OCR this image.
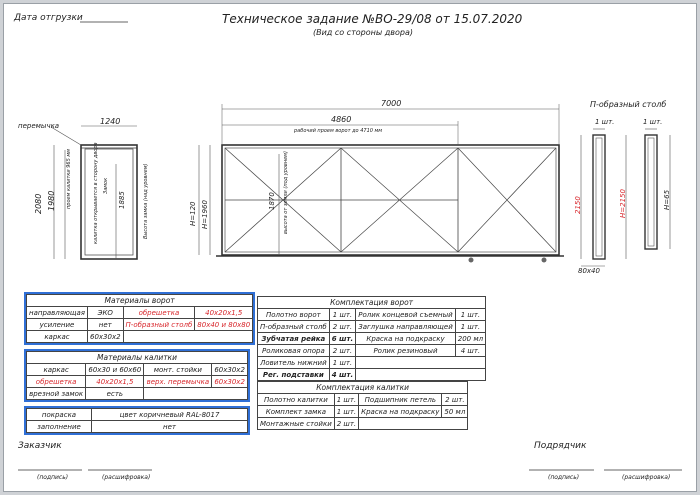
Дата отгрузки	Техническое задание №ВО-29/08 от 15.07.2020
(Вид со стороны двора)
1240
перемычка
2080 1980	1885
проем калитки 965 мм	калитка открывается в сторону двора Замок	Высота замка (над уровнем)
7000
4860
рабочий проем ворот до 4710 мм
Н=120 Н=1960	1870 высота от земли (под уровнем)
П-образный столб
1 шт.	1 шт.
2150	Н=2150	Н=65
80х40
Материалы ворот			
направляющая	ЭКО	обрешетка	40х20х1,5
усиление	нет	П-образный столб	80х40 и 80х80
каркас	60х30х2		
Материалы калитки			
каркас	60х30 и 60х60	монт. стойки	60х30х2
обрешетка	40х20х1,5	верх. перемычка	60х30х2
врезной замок	есть		
покраска	цвет коричневый RAL-8017
заполнение	нет
Комплектация ворот			
Полотно ворот	1 шт.	Ролик концевой съемный	1 шт.
П-образный столб	2 шт.	Заглушка направляющей	1 шт.
Зубчатая рейка	6 шт.	Краска на подкраску	200 мл
Роликовая опора	2 шт.	Ролик резиновый	4 шт.
Ловитель нижний	1 шт.		
Рег. подставки	4 шт.		
Комплектация калитки			
Полотно калитки	1 шт.	Подшипник петель	2 шт.
Комплект замка	1 шт.	Краска на подкраску	50 мл
Монтажные стойки	2 шт.		
Заказчик	Подрядчик
(подпись)	(расшифровка)	(подпись)	(расшифровка)
